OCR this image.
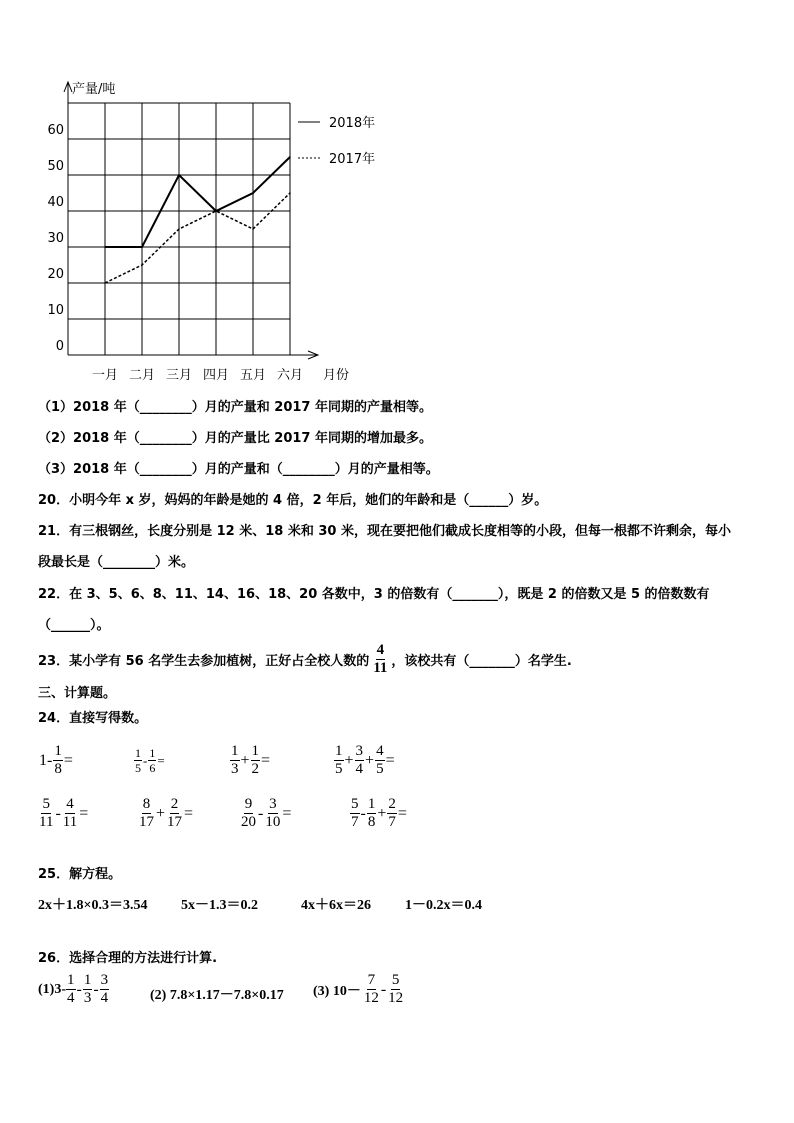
0
10
20
30
40
50
60
一月 二月 三月 四月 五月 六月
2018年
2017年
产量/吨
月份
（1）2018 年（________）月的产量和 2017 年同期的产量相等。
（2）2018 年（________）月的产量比 2017 年同期的增加最多。
（3）2018 年（________）月的产量和（________）月的产量相等。
20．小明今年 x 岁，妈妈的年龄是她的 4 倍，2 年后，她们的年龄和是（______）岁。
21．有三根钢丝，长度分别是 12 米、18 米和 30 米，现在要把他们截成长度相等的小段，但每一根都不许剩余，每小
段最长是（________）米。
22．在 3、5、6、8、11、14、16、18、20 各数中，3 的倍数有（_______），既是 2 的倍数又是 5 的倍数数有
（______）。
23．某小学有 56 名学生去参加植树，正好占全校人数的 $\frac{4}{11}$ ，该校共有（_______）名学生.
三、计算题。
24．直接写得数。
$1- \frac{1}{8}$ =	$\frac{1}{5} - \frac{1}{6}$ =	$\frac{1}{3} + \frac{1}{2}$ =	$\frac{1}{5} + \frac{3}{4} + \frac{4}{5}$ =
$\frac{5}{11} - \frac{4}{11}$ =	$\frac{8}{17} + \frac{2}{17}$ =	$\frac{9}{20} - \frac{3}{10}$ =	$\frac{5}{7} - \frac{1}{8} + \frac{2}{7}$ =
25．解方程。
2x＋1.8×0.3＝3.54 5x－1.3＝0.2	4x＋6x＝26 1－0.2x＝0.4
26．选择合理的方法进行计算.
$(1)3- \frac{1}{4} - \frac{1}{3} - \frac{3}{4}$	(2) 7.8×1.17－7.8×0.17 (3) $10- \frac{7}{12} - \frac{5}{12}$
